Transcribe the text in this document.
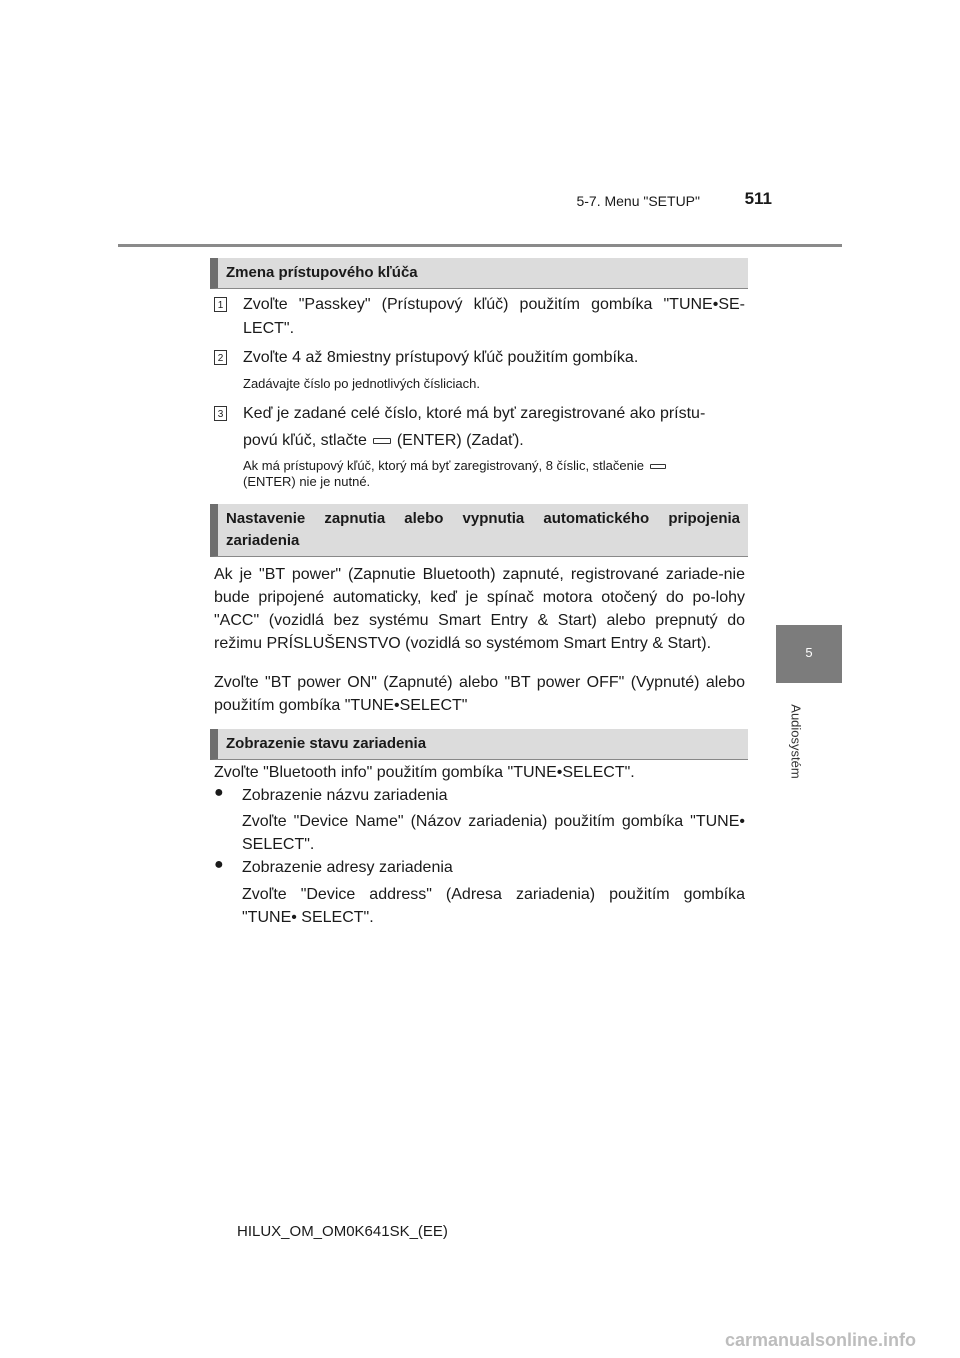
5-7. Menu "SETUP"	511
5
Audiosystém
Zmena prístupového kľúča
1 Zvoľte "Passkey" (Prístupový kľúč) použitím gombíka "TUNE•SE-LECT".
2 Zvoľte 4 až 8miestny prístupový kľúč použitím gombíka.
Zadávajte číslo po jednotlivých čísliciach.
3 Keď je zadané celé číslo, ktoré má byť zaregistrované ako prístu-
povú kľúč, stlačte (ENTER) (Zadať).
Ak má prístupový kľúč, ktorý má byť zaregistrovaný, 8 číslic, stlačenie
(ENTER) nie je nutné.
Nastavenie zapnutia alebo vypnutia automatického pripojenia zariadenia
Ak je "BT power" (Zapnutie Bluetooth) zapnuté, registrované zariade-nie bude pripojené automaticky, keď je spínač motora otočený do po-lohy "ACC" (vozidlá bez systému Smart Entry & Start) alebo prepnutý do režimu PRÍSLUŠENSTVO (vozidlá so systémom Smart Entry & Start).
Zvoľte "BT power ON" (Zapnuté) alebo "BT power OFF" (Vypnuté) alebo použitím gombíka "TUNE•SELECT"
Zobrazenie stavu zariadenia
Zvoľte "Bluetooth info" použitím gombíka "TUNE•SELECT".
● Zobrazenie názvu zariadenia
Zvoľte "Device Name" (Názov zariadenia) použitím gombíka "TUNE• SELECT".
● Zobrazenie adresy zariadenia
Zvoľte "Device address" (Adresa zariadenia) použitím gombíka "TUNE• SELECT".
HILUX_OM_OM0K641SK_(EE)
carmanualsonline.info
